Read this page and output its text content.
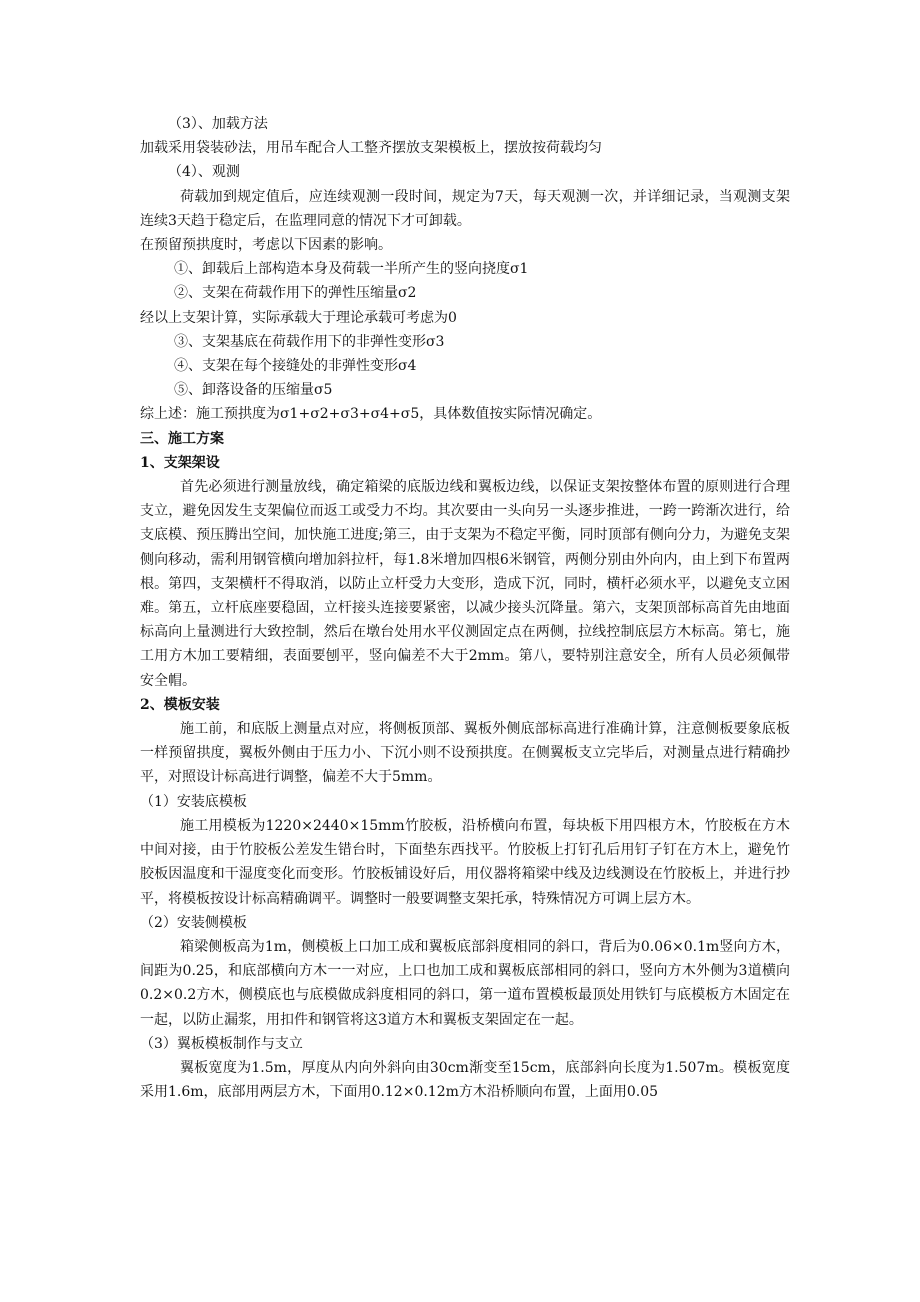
（3）、加载方法
加载采用袋装砂法，用吊车配合人工整齐摆放支架模板上，摆放按荷载均匀
（4）、观测
荷载加到规定值后，应连续观测一段时间，规定为7天，每天观测一次，并详细记录，当观测支架连续3天趋于稳定后，在监理同意的情况下才可卸载。
在预留预拱度时，考虑以下因素的影响。
①、卸载后上部构造本身及荷载一半所产生的竖向挠度σ1
②、支架在荷载作用下的弹性压缩量σ2
经以上支架计算，实际承载大于理论承载可考虑为0
③、支架基底在荷载作用下的非弹性变形σ3
④、支架在每个接缝处的非弹性变形σ4
⑤、卸落设备的压缩量σ5
综上述：施工预拱度为σ1+σ2+σ3+σ4+σ5，具体数值按实际情况确定。
三、施工方案
1、支架架设
首先必须进行测量放线，确定箱梁的底版边线和翼板边线，以保证支架按整体布置的原则进行合理支立，避免因发生支架偏位而返工或受力不均。其次要由一头向另一头逐步推进，一跨一跨渐次进行，给支底模、预压腾出空间，加快施工进度;第三，由于支架为不稳定平衡，同时顶部有侧向分力，为避免支架侧向移动，需利用钢管横向增加斜拉杆，每1.8米增加四根6米钢管，两侧分别由外向内，由上到下布置两根。第四，支架横杆不得取消，以防止立杆受力大变形，造成下沉，同时，横杆必须水平，以避免支立困难。第五，立杆底座要稳固，立杆接头连接要紧密，以减少接头沉降量。第六，支架顶部标高首先由地面标高向上量测进行大致控制，然后在墩台处用水平仪测固定点在两侧，拉线控制底层方木标高。第七，施工用方木加工要精细，表面要刨平，竖向偏差不大于2mm。第八，要特别注意安全，所有人员必须佩带安全帽。
2、模板安装
施工前，和底版上测量点对应，将侧板顶部、翼板外侧底部标高进行准确计算，注意侧板要象底板一样预留拱度，翼板外侧由于压力小、下沉小则不设预拱度。在侧翼板支立完毕后，对测量点进行精确抄平，对照设计标高进行调整，偏差不大于5mm。
（1）安装底模板
施工用模板为1220×2440×15mm竹胶板，沿桥横向布置，每块板下用四根方木，竹胶板在方木中间对接，由于竹胶板公差发生错台时，下面垫东西找平。竹胶板上打钉孔后用钉子钉在方木上，避免竹胶板因温度和干湿度变化而变形。竹胶板铺设好后，用仪器将箱梁中线及边线测设在竹胶板上，并进行抄平，将模板按设计标高精确调平。调整时一般要调整支架托承，特殊情况方可调上层方木。
（2）安装侧模板
箱梁侧板高为1m，侧模板上口加工成和翼板底部斜度相同的斜口，背后为0.06×0.1m竖向方木，间距为0.25，和底部横向方木一一对应，上口也加工成和翼板底部相同的斜口，竖向方木外侧为3道横向0.2×0.2方木，侧模底也与底模做成斜度相同的斜口，第一道布置模板最顶处用铁钉与底模板方木固定在一起，以防止漏浆，用扣件和钢管将这3道方木和翼板支架固定在一起。
（3）翼板模板制作与支立
翼板宽度为1.5m，厚度从内向外斜向由30cm渐变至15cm，底部斜向长度为1.507m。模板宽度采用1.6m，底部用两层方木，下面用0.12×0.12m方木沿桥顺向布置，上面用0.05
